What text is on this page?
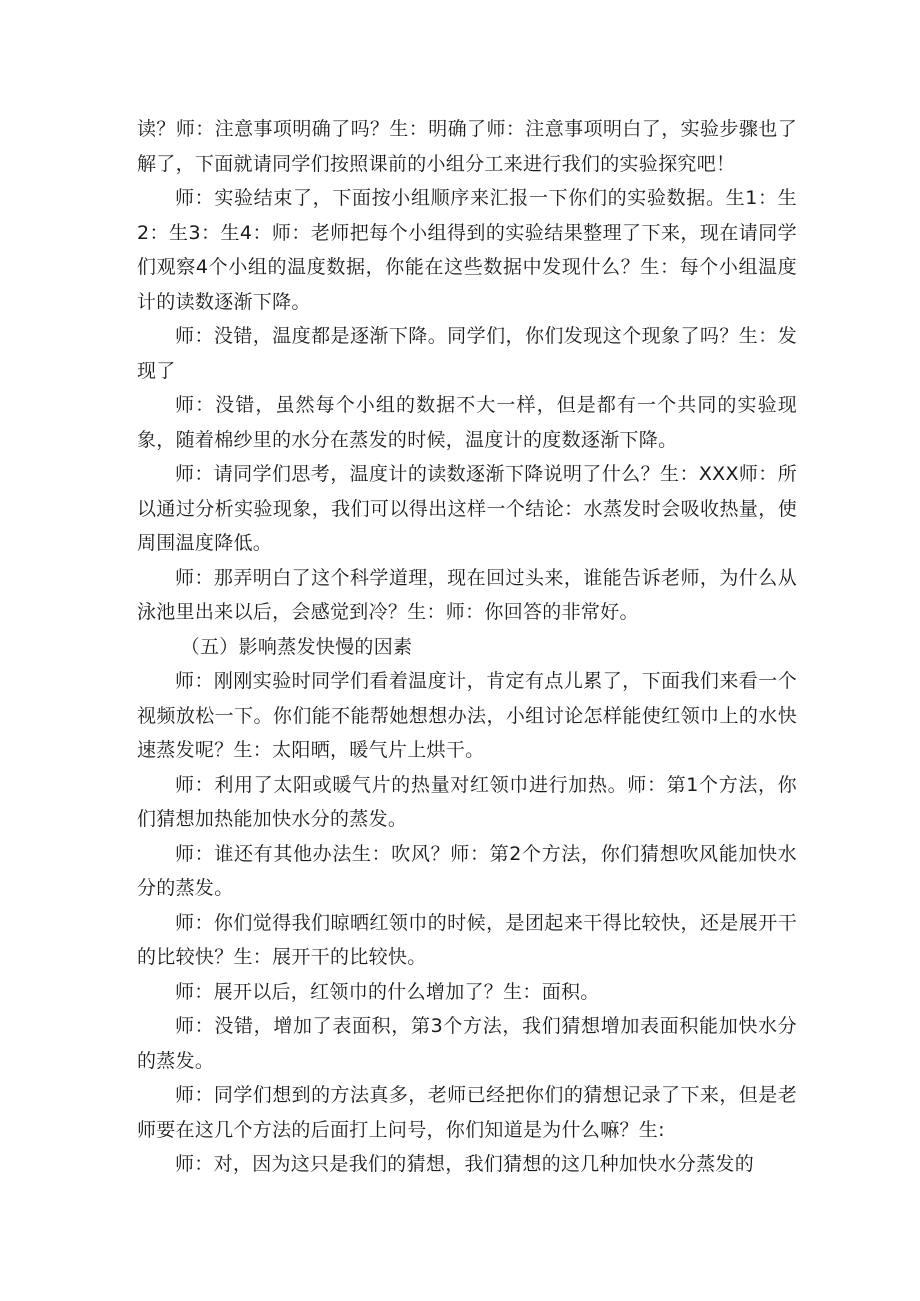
读？师：注意事项明确了吗？生：明确了师：注意事项明白了，实验步骤也了解了，下面就请同学们按照课前的小组分工来进行我们的实验探究吧！

师：实验结束了，下面按小组顺序来汇报一下你们的实验数据。生1：生2：生3：生4：师：老师把每个小组得到的实验结果整理了下来，现在请同学们观察4个小组的温度数据，你能在这些数据中发现什么？生：每个小组温度计的读数逐渐下降。

师：没错，温度都是逐渐下降。同学们，你们发现这个现象了吗？生：发现了

师：没错，虽然每个小组的数据不大一样，但是都有一个共同的实验现象，随着棉纱里的水分在蒸发的时候，温度计的度数逐渐下降。

师：请同学们思考，温度计的读数逐渐下降说明了什么？生：XXX师：所以通过分析实验现象，我们可以得出这样一个结论：水蒸发时会吸收热量，使周围温度降低。

师：那弄明白了这个科学道理，现在回过头来，谁能告诉老师，为什么从泳池里出来以后，会感觉到冷？生：师：你回答的非常好。

（五）影响蒸发快慢的因素

师：刚刚实验时同学们看着温度计，肯定有点儿累了，下面我们来看一个视频放松一下。你们能不能帮她想想办法，小组讨论怎样能使红领巾上的水快速蒸发呢？生：太阳晒，暖气片上烘干。

师：利用了太阳或暖气片的热量对红领巾进行加热。师：第1个方法，你们猜想加热能加快水分的蒸发。

师：谁还有其他办法生：吹风？师：第2个方法，你们猜想吹风能加快水分的蒸发。

师：你们觉得我们晾晒红领巾的时候，是团起来干得比较快，还是展开干的比较快？生：展开干的比较快。

师：展开以后，红领巾的什么增加了？生：面积。

师：没错，增加了表面积，第3个方法，我们猜想增加表面积能加快水分的蒸发。

师：同学们想到的方法真多，老师已经把你们的猜想记录了下来，但是老师要在这几个方法的后面打上问号，你们知道是为什么嘛？生:

师：对，因为这只是我们的猜想，我们猜想的这几种加快水分蒸发的
